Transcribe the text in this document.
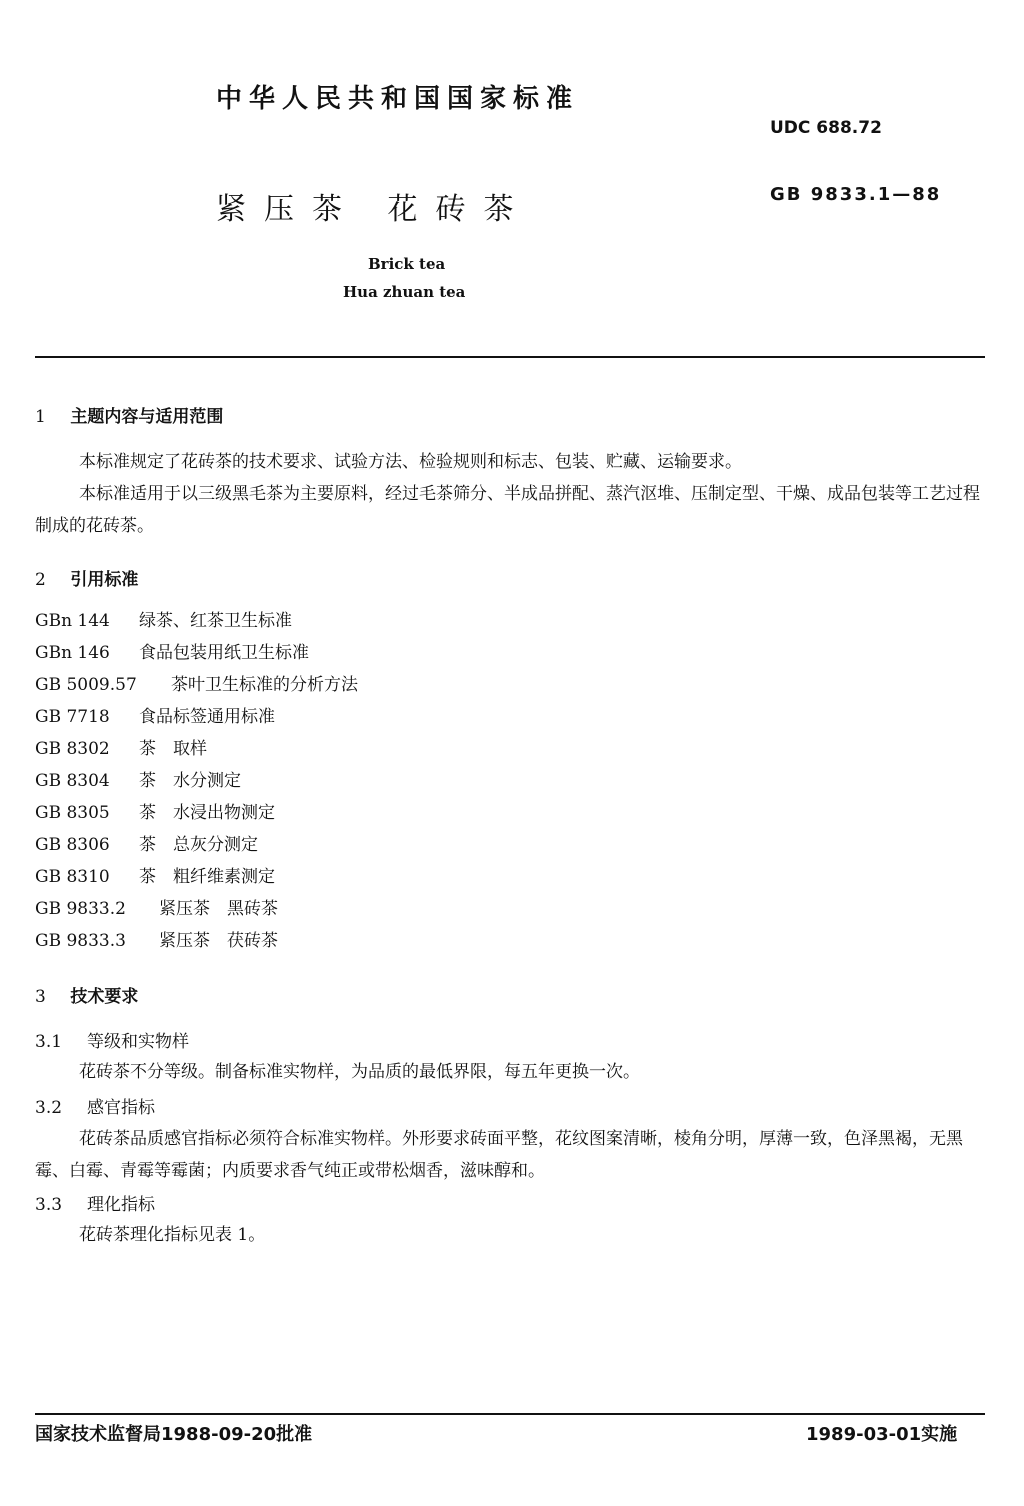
中华人民共和国国家标准
UDC 688.72
紧压茶 花砖茶	GB 9833.1—88
Brick tea
Hua zhuan tea
1 主题内容与适用范围
本标准规定了花砖茶的技术要求、试验方法、检验规则和标志、包装、贮藏、运输要求。
本标准适用于以三级黑毛茶为主要原料，经过毛茶筛分、半成品拼配、蒸汽沤堆、压制定型、干燥、成品包装等工艺过程制成的花砖茶。
2 引用标准
GBn 144 绿茶、红茶卫生标准
GBn 146 食品包装用纸卫生标准
GB 5009.57 茶叶卫生标准的分析方法
GB 7718 食品标签通用标准
GB 8302 茶　取样
GB 8304 茶　水分测定
GB 8305 茶　水浸出物测定
GB 8306 茶　总灰分测定
GB 8310 茶　粗纤维素测定
GB 9833.2 紧压茶　黑砖茶
GB 9833.3 紧压茶　茯砖茶
3 技术要求
3.1 等级和实物样
花砖茶不分等级。制备标准实物样，为品质的最低界限，每五年更换一次。
3.2 感官指标
花砖茶品质感官指标必须符合标准实物样。外形要求砖面平整，花纹图案清晰，棱角分明，厚薄一致，色泽黑褐，无黑霉、白霉、青霉等霉菌；内质要求香气纯正或带松烟香，滋味醇和。
3.3 理化指标
花砖茶理化指标见表 1。
国家技术监督局1988-09-20批准	1989-03-01实施
